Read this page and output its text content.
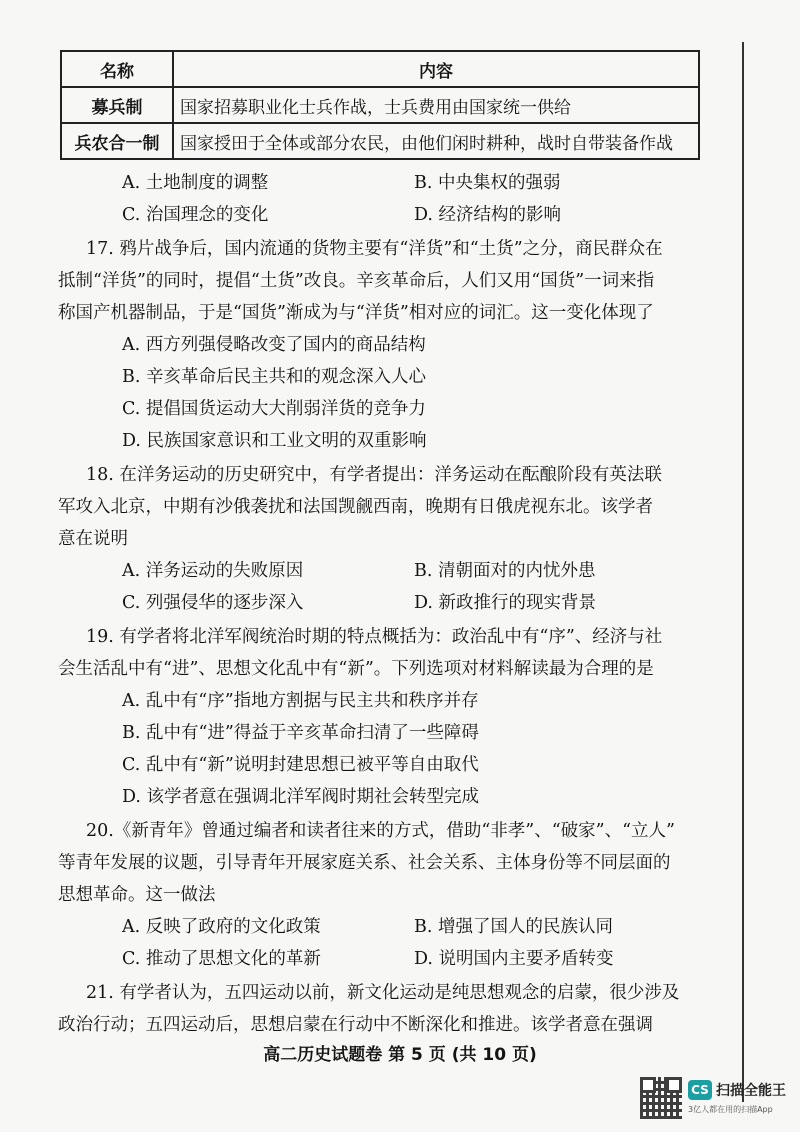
名称	内容
募兵制	国家招募职业化士兵作战，士兵费用由国家统一供给
兵农合一制	国家授田于全体或部分农民，由他们闲时耕种，战时自带装备作战
A. 土地制度的调整	B. 中央集权的强弱
C. 治国理念的变化	D. 经济结构的影响
17. 鸦片战争后，国内流通的货物主要有“洋货”和“土货”之分，商民群众在
抵制“洋货”的同时，提倡“土货”改良。辛亥革命后，人们又用“国货”一词来指
称国产机器制品，于是“国货”渐成为与“洋货”相对应的词汇。这一变化体现了
A. 西方列强侵略改变了国内的商品结构
B. 辛亥革命后民主共和的观念深入人心
C. 提倡国货运动大大削弱洋货的竞争力
D. 民族国家意识和工业文明的双重影响
18. 在洋务运动的历史研究中，有学者提出：洋务运动在酝酿阶段有英法联
军攻入北京，中期有沙俄袭扰和法国觊觎西南，晚期有日俄虎视东北。该学者
意在说明
A. 洋务运动的失败原因	B. 清朝面对的内忧外患
C. 列强侵华的逐步深入	D. 新政推行的现实背景
19. 有学者将北洋军阀统治时期的特点概括为：政治乱中有“序”、经济与社
会生活乱中有“进”、思想文化乱中有“新”。下列选项对材料解读最为合理的是
A. 乱中有“序”指地方割据与民主共和秩序并存
B. 乱中有“进”得益于辛亥革命扫清了一些障碍
C. 乱中有“新”说明封建思想已被平等自由取代
D. 该学者意在强调北洋军阀时期社会转型完成
20.《新青年》曾通过编者和读者往来的方式，借助“非孝”、“破家”、“立人”
等青年发展的议题，引导青年开展家庭关系、社会关系、主体身份等不同层面的
思想革命。这一做法
A. 反映了政府的文化政策	B. 增强了国人的民族认同
C. 推动了思想文化的革新	D. 说明国内主要矛盾转变
21. 有学者认为，五四运动以前，新文化运动是纯思想观念的启蒙，很少涉及
政治行动；五四运动后，思想启蒙在行动中不断深化和推进。该学者意在强调
高二历史试题卷 第 5 页 (共 10 页)
CS 扫描全能王
3亿人都在用的扫描App
